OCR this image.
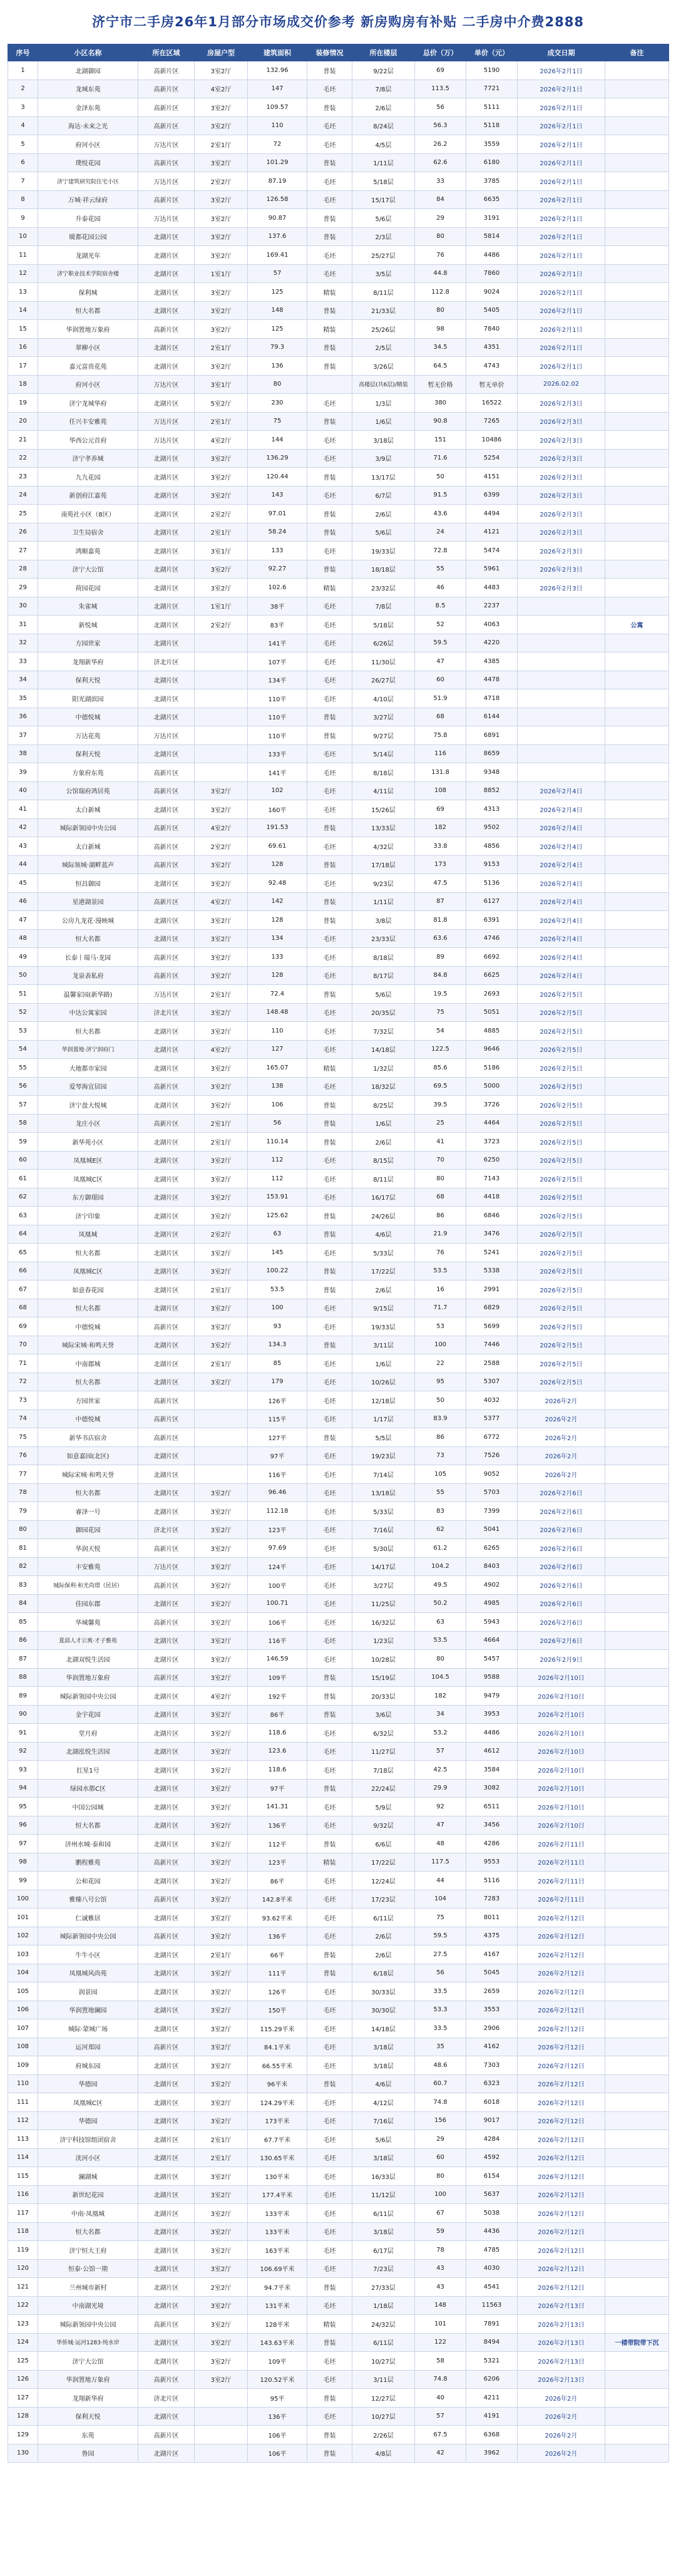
济宁市二手房26年1月部分市场成交价参考 新房购房有补贴 二手房中介费2888
序号	小区名称	所在区域	房屋户型	建筑面积	装修情况	所在楼层	总价（万）	单价（元）	成交日期	备注
1	北湖御园	高新片区	3室2厅	132.96	普装	9/22层	69	5190	2026年2月1日	
2	龙城东苑	高新片区	4室2厅	147	毛坯	7/8层	113.5	7721	2026年2月1日	
3	金泽东苑	高新片区	3室2厅	109.57	普装	2/6层	56	5111	2026年2月1日	
4	海达·未来之光	高新片区	3室2厅	110	毛坯	8/24层	56.3	5118	2026年2月1日	
5	府河小区	万达片区	2室1厅	72	毛坯	4/5层	26.2	3559	2026年2月1日	
6	璞悦花园	高新片区	3室2厅	101.29	普装	1/11层	62.6	6180	2026年2月1日	
7	济宁建筑研究院住宅小区	万达片区	2室2厅	87.19	毛坯	5/18层	33	3785	2026年2月1日	
8	万城·祥云绿府	高新片区	3室2厅	126.58	毛坯	15/17层	84	6635	2026年2月1日	
9	升泰花园	万达片区	3室2厅	90.87	普装	5/6层	29	3191	2026年2月1日	
10	暖都花园公园	北湖片区	3室2厅	137.6	普装	2/3层	80	5814	2026年2月1日	
11	龙湖光年	北湖片区	3室2厅	169.41	毛坯	25/27层	76	4486	2026年2月1日	
12	济宁职业技术学院宿舍楼	北湖片区	1室1厅	57	毛坯	3/5层	44.8	7860	2026年2月1日	
13	保利城	北湖片区	3室2厅	125	精装	8/11层	112.8	9024	2026年2月1日	
14	恒大名都	北湖片区	3室2厅	148	普装	21/33层	80	5405	2026年2月1日	
15	华润置地万象府	高新片区	3室2厅	125	精装	25/26层	98	7840	2026年2月1日	
16	翠柳小区	北湖片区	2室1厅	79.3	普装	2/5层	34.5	4351	2026年2月1日	
17	嘉元富贵花苑	北湖片区	3室2厅	136	普装	3/26层	64.5	4743	2026年2月1日	
18	府河小区	万达片区	3室1厅	80		高楼层(共6层)/精装	暂无价格	暂无单价	2026.02.02	
19	济宁龙城华府	北湖片区	5室2厅	230	毛坯	1/3层	380	16522	2026年2月3日	
20	任兴丰安雅苑	万达片区	2室1厅	75	普装	1/6层	90.8	7265	2026年2月3日	
21	华西公元首府	万达片区	4室2厅	144	毛坯	3/18层	151	10486	2026年2月3日	
22	济宁孝养城	北湖片区	3室2厅	136.29	毛坯	3/9层	71.6	5254	2026年2月3日	
23	九九花园	北湖片区	3室2厅	120.44	普装	13/17层	50	4151	2026年2月3日	
24	新创府江嘉苑	北湖片区	3室2厅	143	毛坯	6/7层	91.5	6399	2026年2月3日	
25	南苑社小区（8区）	北湖片区	2室2厅	97.01	普装	2/6层	43.6	4494	2026年2月3日	
26	卫生局宿舍	北湖片区	2室1厅	58.24	普装	5/6层	24	4121	2026年2月3日	
27	鸿顺嘉苑	北湖片区	3室1厅	133	毛坯	19/33层	72.8	5474	2026年2月3日	
28	济宁大公馆	北湖片区	3室2厅	92.27	普装	18/18层	55	5961	2026年2月3日	
29	荷园花园	北湖片区	3室2厅	102.6	精装	23/32层	46	4483	2026年2月3日	
30	朱雀城	北湖片区	1室1厅	38平	毛坯	7/8层	8.5	2237		
31	新悦城	北湖片区	2室2厅	83平	毛坯	5/18层	52	4063		公寓
32	方园世家	北湖片区		141平	毛坯	6/26层	59.5	4220		
33	龙翔新华府	济北片区		107平	毛坯	11/30层	47	4385		
34	保利天悦	北湖片区		134平	毛坯	26/27层	60	4478		
35	阳光湖滨园	北湖片区		110平	毛坯	4/10层	51.9	4718		
36	中德悦城	北湖片区		110平	普装	3/27层	68	6144		
37	万达花苑	万达片区		110平	普装	9/27层	75.8	6891		
38	保利天悦	北湖片区		133平	毛坯	5/14层	116	8659		
39	方象府东苑	高新片区		141平	毛坯	8/18层	131.8	9348		
40	公馆瑞府鸿居苑	高新片区	3室2厅	102	毛坯	4/11层	108	8852	2026年2月4日	
41	太白新城	北湖片区	3室2厅	160平	毛坯	15/26层	69	4313	2026年2月4日	
42	城际新领园中央公园	高新片区	4室2厅	191.53	普装	13/33层	182	9502	2026年2月4日	
43	太白新城	高新片区	2室2厅	69.61	毛坯	4/32层	33.8	4856	2026年2月4日	
44	城际领城·湖畔蓝声	高新片区	3室2厅	128	普装	17/18层	173	9153	2026年2月4日	
45	恒昌御园	北湖片区	3室2厅	92.48	毛坯	9/23层	47.5	5136	2026年2月4日	
46	星港湖景园	高新片区	4室2厅	142	普装	1/11层	87	6127	2026年2月4日	
47	公房九龙花·漫映城	北湖片区	3室2厅	128	普装	3/8层	81.8	6391	2026年2月4日	
48	恒大名都	北湖片区	3室2厅	134	毛坯	23/33层	63.6	4746	2026年2月4日	
49	长泰丨瑞马·龙园	高新片区	3室2厅	133	毛坯	8/18层	89	6692	2026年2月4日	
50	龙泉表私府	高新片区	3室2厅	128	毛坯	8/17层	84.8	6625	2026年2月4日	
51	温馨家园(新华路)	万达片区	2室1厅	72.4	普装	5/6层	19.5	2693	2026年2月5日	
52	中达公寓家园	济北片区	3室2厅	148.48	毛坯	20/35层	75	5051	2026年2月5日	
53	恒大名都	北湖片区	3室2厅	110	毛坯	7/32层	54	4885	2026年2月5日	
54	华润置地·济宁润府门	北湖片区	4室2厅	127	毛坯	14/18层	122.5	9646	2026年2月5日	
55	大地都市家园	北湖片区	3室2厅	165.07	精装	1/32层	85.6	5186	2026年2月5日	
56	爱琴海宜居园	高新片区	3室2厅	138	毛坯	18/32层	69.5	5000	2026年2月5日	
57	济宁盘大悦城	北湖片区	3室2厅	106	普装	8/25层	39.5	3726	2026年2月5日	
58	龙庄小区	高新片区	2室1厅	56	普装	1/6层	25	4464	2026年2月5日	
59	新华苑小区	北湖片区	2室1厅	110.14	普装	2/6层	41	3723	2026年2月5日	
60	凤凰城E区	北湖片区	3室2厅	112	毛坯	8/15层	70	6250	2026年2月5日	
61	凤凰城C区	北湖片区	3室2厅	112	毛坯	8/11层	80	7143	2026年2月5日	
62	东方御璟园	北湖片区	3室2厅	153.91	毛坯	16/17层	68	4418	2026年2月5日	
63	济宁印象	北湖片区	3室2厅	125.62	普装	24/26层	86	6846	2026年2月5日	
64	凤凰城	北湖片区	2室2厅	63	普装	4/6层	21.9	3476	2026年2月5日	
65	恒大名都	北湖片区	3室2厅	145	毛坯	5/33层	76	5241	2026年2月5日	
66	凤凰城C区	北湖片区	3室2厅	100.22	普装	17/22层	53.5	5338	2026年2月5日	
67	如意春花园	北湖片区	2室1厅	53.5	普装	2/6层	16	2991	2026年2月5日	
68	恒大名都	北湖片区	3室2厅	100	毛坯	9/15层	71.7	6829	2026年2月5日	
69	中德悦城	高新片区	3室2厅	93	毛坯	19/33层	53	5699	2026年2月5日	
70	城际宋城·和鸣天誉	北湖片区	3室2厅	134.3	普装	3/11层	100	7446	2026年2月5日	
71	中南郡城	北湖片区	2室1厅	85	毛坯	1/6层	22	2588	2026年2月5日	
72	恒大名都	北湖片区	3室2厅	179	毛坯	10/26层	95	5307	2026年2月5日	
73	方园世家	高新片区		126平	毛坯	12/18层	50	4032	2026年2月	
74	中德悦城	高新片区		115平	毛坯	1/17层	83.9	5377	2026年2月	
75	新华书店宿舍	高新片区		127平	普装	5/5层	86	6772	2026年2月	
76	如意嘉园(北区)	北湖片区		97平	毛坯	19/23层	73	7526	2026年2月	
77	城际宋城·和鸣天誉	北湖片区		116平	毛坯	7/14层	105	9052	2026年2月	
78	恒大名都	北湖片区	3室2厅	96.46	毛坯	13/18层	55	5703	2026年2月6日	
79	睿泽一号	北湖片区	3室2厅	112.18	毛坯	5/33层	83	7399	2026年2月6日	
80	御园花园	济北片区	3室2厅	123平	毛坯	7/16层	62	5041	2026年2月6日	
81	华润天悦	高新片区	3室2厅	97.69	毛坯	5/30层	61.2	6265	2026年2月6日	
82	丰安雅苑	万达片区	3室2厅	124平	毛坯	14/17层	104.2	8403	2026年2月6日	
83	城际保利·和光尚璟（民居）	高新片区	3室2厅	100平	毛坯	3/27层	49.5	4902	2026年2月6日	
84	佳园东郡	北湖片区	3室2厅	100.71	毛坯	11/25层	50.2	4985	2026年2月6日	
85	华城馨苑	高新片区	3室2厅	106平	毛坯	16/32层	63	5943	2026年2月6日	
86	夏邱人才公寓·才子雅苑	北湖片区	3室2厅	116平	毛坯	1/23层	53.5	4664	2026年2月6日	
87	北湖双悦生活园	北湖片区	3室2厅	146.59	毛坯	10/28层	80	5457	2026年2月9日	
88	华润置地万象府	高新片区	3室2厅	109平	普装	15/19层	104.5	9588	2026年2月10日	
89	城际新领园中央公园	北湖片区	4室2厅	192平	普装	20/33层	182	9479	2026年2月10日	
90	金宇花园	北湖片区	3室2厅	86平	普装	3/6层	34	3953	2026年2月10日	
91	堂月府	北湖片区	3室2厅	118.6	毛坯	6/32层	53.2	4486	2026年2月10日	
92	北湖泓悦生活园	北湖片区	3室2厅	123.6	毛坯	11/27层	57	4612	2026年2月10日	
93	红星1号	北湖片区	3室2厅	118.6	毛坯	7/18层	42.5	3584	2026年2月10日	
94	绿园水都C区	北湖片区	3室2厅	97平	普装	22/24层	29.9	3082	2026年2月10日	
95	中国公园城	北湖片区	3室2厅	141.31	毛坯	5/9层	92	6511	2026年2月10日	
96	恒大名都	北湖片区	3室2厅	136平	毛坯	9/32层	47	3456	2026年2月10日	
97	济州水城·泰和园	北湖片区	3室2厅	112平	普装	6/6层	48	4286	2026年2月11日	
98	鹏程雅苑	高新片区	3室2厅	123平	精装	17/22层	117.5	9553	2026年2月11日	
99	公和花园	北湖片区	3室2厅	86平	毛坯	12/24层	44	5116	2026年2月11日	
100	雅臻八号公馆	高新片区	3室2厅	142.8平米	毛坯	17/23层	104	7283	2026年2月11日	
101	仁诚雅居	北湖片区	3室2厅	93.62平米	毛坯	6/11层	75	8011	2026年2月12日	
102	城际新领园中央公园	高新片区	3室2厅	136平	毛坯	2/6层	59.5	4375	2026年2月12日	
103	牛牛小区	北湖片区	2室1厅	66平	普装	2/6层	27.5	4167	2026年2月12日	
104	凤凰城风尚苑	北湖片区	3室2厅	111平	普装	6/18层	56	5045	2026年2月12日	
105	润景园	北湖片区	3室2厅	126平	毛坯	30/33层	33.5	2659	2026年2月12日	
106	华润置地澜园	北湖片区	3室2厅	150平	毛坯	30/30层	53.3	3553	2026年2月12日	
107	城际·蒙城广场	北湖片区	3室2厅	115.29平米	毛坯	14/18层	33.5	2906	2026年2月12日	
108	运河郑园	高新片区	3室2厅	84.1平米	毛坯	3/18层	35	4162	2026年2月12日	
109	府城东园	北湖片区	3室2厅	66.55平米	毛坯	3/18层	48.6	7303	2026年2月12日	
110	华德园	北湖片区	3室2厅	96平米	普装	4/6层	60.7	6323	2026年2月12日	
111	凤凰城C区	北湖片区	3室2厅	124.29平米	毛坯	4/12层	74.8	6018	2026年2月12日	
112	华德园	北湖片区	3室2厅	173平米	毛坯	7/16层	156	9017	2026年2月12日	
113	济宁科技馆组团宿舍	北湖片区	2室1厅	67.7平米	毛坯	5/6层	29	4284	2026年2月12日	
114	洸河小区	北湖片区	2室1厅	130.65平米	毛坯	3/18层	60	4592	2026年2月12日	
115	澜湖城	北湖片区	3室2厅	130平米	毛坯	16/33层	80	6154	2026年2月12日	
116	新世纪花园	北湖片区	3室2厅	177.4平米	毛坯	11/12层	100	5637	2026年2月12日	
117	中南·凤凰城	北湖片区	3室2厅	133平米	毛坯	6/11层	67	5038	2026年2月12日	
118	恒大名都	北湖片区	3室2厅	133平米	毛坯	3/18层	59	4436	2026年2月12日	
119	济宁恒大王府	北湖片区	3室2厅	163平米	毛坯	6/17层	78	4785	2026年2月12日	
120	恒泰·公馆一期	北湖片区	3室2厅	106.69平米	毛坯	7/23层	43	4030	2026年2月12日	
121	兰州城市新村	北湖片区	2室2厅	94.7平米	普装	27/33层	43	4541	2026年2月12日	
122	中南湖光境	北湖片区	3室2厅	131平米	毛坯	1/18层	148	11563	2026年2月13日	
123	城际新领园中央公园	高新片区	3室2厅	128平米	精装	24/32层	101	7891	2026年2月13日	
124	华侨城·运河1283·纯水岸	北湖片区	3室2厅	143.63平米	普装	6/11层	122	8494	2026年2月13日	一楼带院带下沉
125	济宁大公馆	北湖片区	3室2厅	109平	毛坯	10/27层	58	5321	2026年2月13日	
126	华润置地万象府	高新片区	3室2厅	120.52平米	毛坯	3/11层	74.8	6206	2026年2月13日	
127	龙翔新华府	济北片区		95平	普装	12/27层	40	4211	2026年2月	
128	保利天悦	北湖片区		136平	毛坯	10/27层	57	4191	2026年2月	
129	东苑	高新片区		106平	普装	2/26层	67.5	6368	2026年2月	
130	鲁园	北湖片区		106平	普装	4/8层	42	3962	2026年2月	
